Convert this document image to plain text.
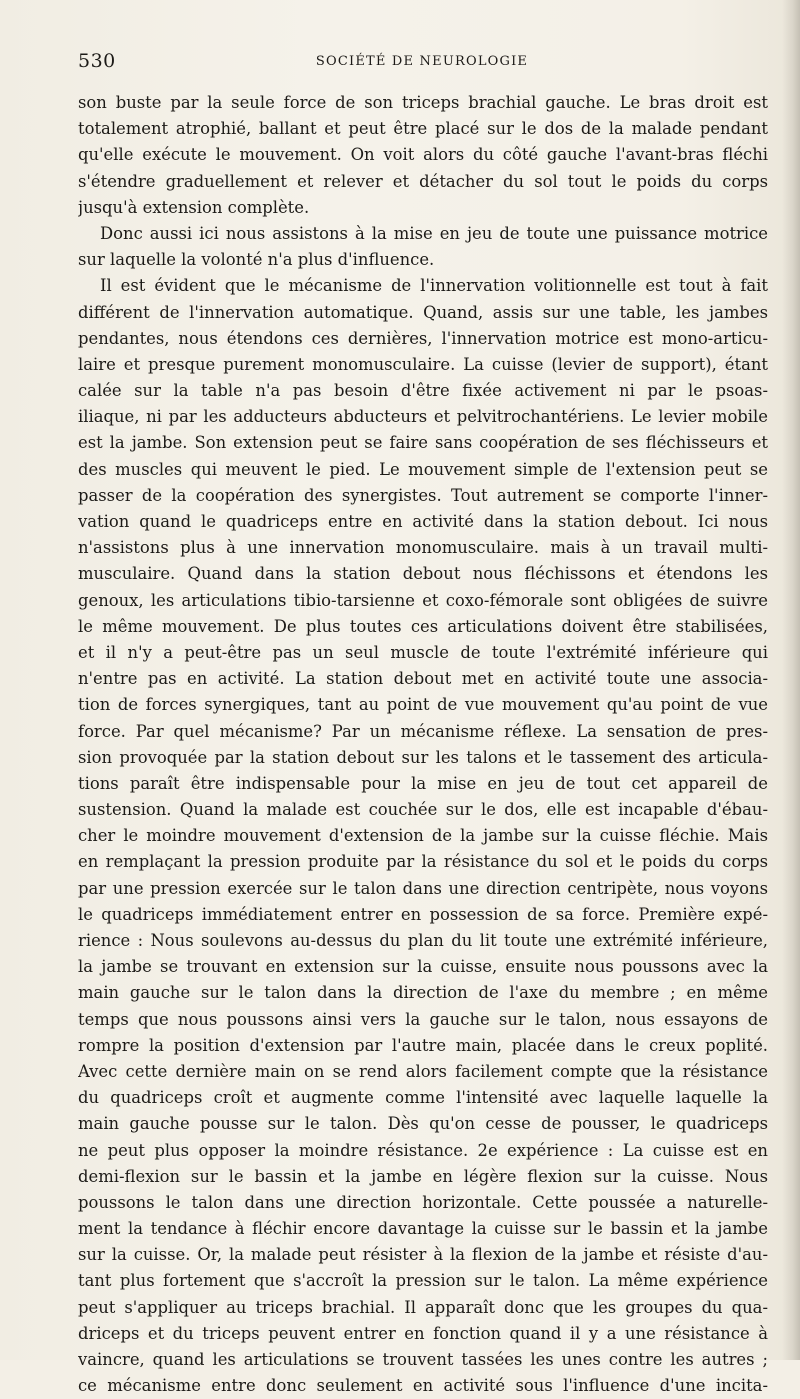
530	SOCIÉTÉ DE NEUROLOGIE
son buste par la seule force de son triceps brachial gauche. Le bras droit est
totalement atrophié, ballant et peut être placé sur le dos de la malade pendant
qu'elle exécute le mouvement. On voit alors du côté gauche l'avant-bras fléchi
s'étendre graduellement et relever et détacher du sol tout le poids du corps
jusqu'à extension complète.
Donc aussi ici nous assistons à la mise en jeu de toute une puissance motrice
sur laquelle la volonté n'a plus d'influence.
Il est évident que le mécanisme de l'innervation volitionnelle est tout à fait
différent de l'innervation automatique. Quand, assis sur une table, les jambes
pendantes, nous étendons ces dernières, l'innervation motrice est mono-articu-
laire et presque purement monomusculaire. La cuisse (levier de support), étant
calée sur la table n'a pas besoin d'être fixée activement ni par le psoas-
iliaque, ni par les adducteurs abducteurs et pelvitrochantériens. Le levier mobile
est la jambe. Son extension peut se faire sans coopération de ses fléchisseurs et
des muscles qui meuvent le pied. Le mouvement simple de l'extension peut se
passer de la coopération des synergistes. Tout autrement se comporte l'inner-
vation quand le quadriceps entre en activité dans la station debout. Ici nous
n'assistons plus à une innervation monomusculaire. mais à un travail multi-
musculaire. Quand dans la station debout nous fléchissons et étendons les
genoux, les articulations tibio-tarsienne et coxo-fémorale sont obligées de suivre
le même mouvement. De plus toutes ces articulations doivent être stabilisées,
et il n'y a peut-être pas un seul muscle de toute l'extrémité inférieure qui
n'entre pas en activité. La station debout met en activité toute une associa-
tion de forces synergiques, tant au point de vue mouvement qu'au point de vue
force. Par quel mécanisme? Par un mécanisme réflexe. La sensation de pres-
sion provoquée par la station debout sur les talons et le tassement des articula-
tions paraît être indispensable pour la mise en jeu de tout cet appareil de
sustension. Quand la malade est couchée sur le dos, elle est incapable d'ébau-
cher le moindre mouvement d'extension de la jambe sur la cuisse fléchie. Mais
en remplaçant la pression produite par la résistance du sol et le poids du corps
par une pression exercée sur le talon dans une direction centripète, nous voyons
le quadriceps immédiatement entrer en possession de sa force. Première expé-
rience : Nous soulevons au-dessus du plan du lit toute une extrémité inférieure,
la jambe se trouvant en extension sur la cuisse, ensuite nous poussons avec la
main gauche sur le talon dans la direction de l'axe du membre ; en même
temps que nous poussons ainsi vers la gauche sur le talon, nous essayons de
rompre la position d'extension par l'autre main, placée dans le creux poplité.
Avec cette dernière main on se rend alors facilement compte que la résistance
du quadriceps croît et augmente comme l'intensité avec laquelle laquelle la
main gauche pousse sur le talon. Dès qu'on cesse de pousser, le quadriceps
ne peut plus opposer la moindre résistance. 2e expérience : La cuisse est en
demi-flexion sur le bassin et la jambe en légère flexion sur la cuisse. Nous
poussons le talon dans une direction horizontale. Cette poussée a naturelle-
ment la tendance à fléchir encore davantage la cuisse sur le bassin et la jambe
sur la cuisse. Or, la malade peut résister à la flexion de la jambe et résiste d'au-
tant plus fortement que s'accroît la pression sur le talon. La même expérience
peut s'appliquer au triceps brachial. Il apparaît donc que les groupes du qua-
driceps et du triceps peuvent entrer en fonction quand il y a une résistance à
vaincre, quand les articulations se trouvent tassées les unes contre les autres ;
ce mécanisme entre donc seulement en activité sous l'influence d'une incita-
